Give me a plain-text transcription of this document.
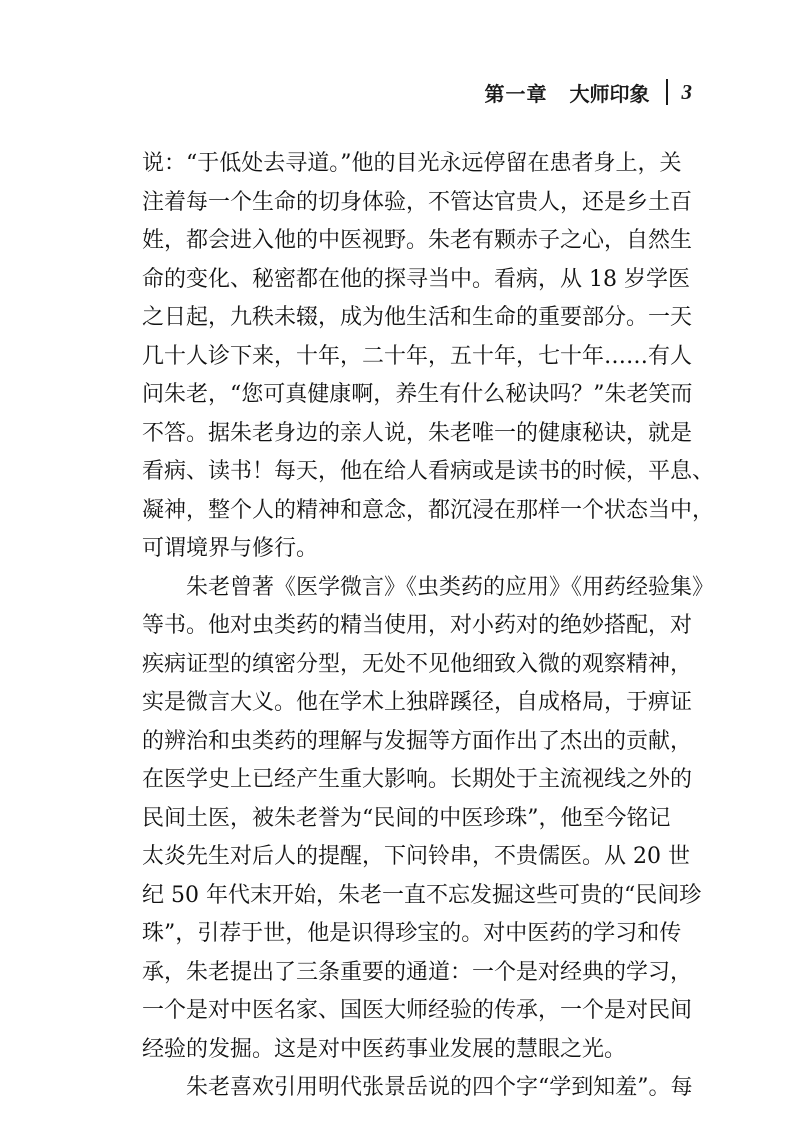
第一章 大师印象 3

说：“于低处去寻道。”他的目光永远停留在患者身上，关
注着每一个生命的切身体验，不管达官贵人，还是乡土百
姓，都会进入他的中医视野。朱老有颗赤子之心，自然生
命的变化、秘密都在他的探寻当中。看病，从 18 岁学医
之日起，九秩未辍，成为他生活和生命的重要部分。一天
几十人诊下来，十年，二十年，五十年，七十年……有人
问朱老，“您可真健康啊，养生有什么秘诀吗？”朱老笑而
不答。据朱老身边的亲人说，朱老唯一的健康秘诀，就是
看病、读书！每天，他在给人看病或是读书的时候，平息、
凝神，整个人的精神和意念，都沉浸在那样一个状态当中，
可谓境界与修行。

朱老曾著《医学微言》《虫类药的应用》《用药经验集》
等书。他对虫类药的精当使用，对小药对的绝妙搭配，对
疾病证型的缜密分型，无处不见他细致入微的观察精神，
实是微言大义。他在学术上独辟蹊径，自成格局，于痹证
的辨治和虫类药的理解与发掘等方面作出了杰出的贡献，
在医学史上已经产生重大影响。长期处于主流视线之外的
民间土医，被朱老誉为“民间的中医珍珠”，他至今铭记
太炎先生对后人的提醒，下问铃串，不贵儒医。从 20 世
纪 50 年代末开始，朱老一直不忘发掘这些可贵的“民间珍
珠”，引荐于世，他是识得珍宝的。对中医药的学习和传
承，朱老提出了三条重要的通道：一个是对经典的学习，
一个是对中医名家、国医大师经验的传承，一个是对民间
经验的发掘。这是对中医药事业发展的慧眼之光。

朱老喜欢引用明代张景岳说的四个字“学到知羞”。每
